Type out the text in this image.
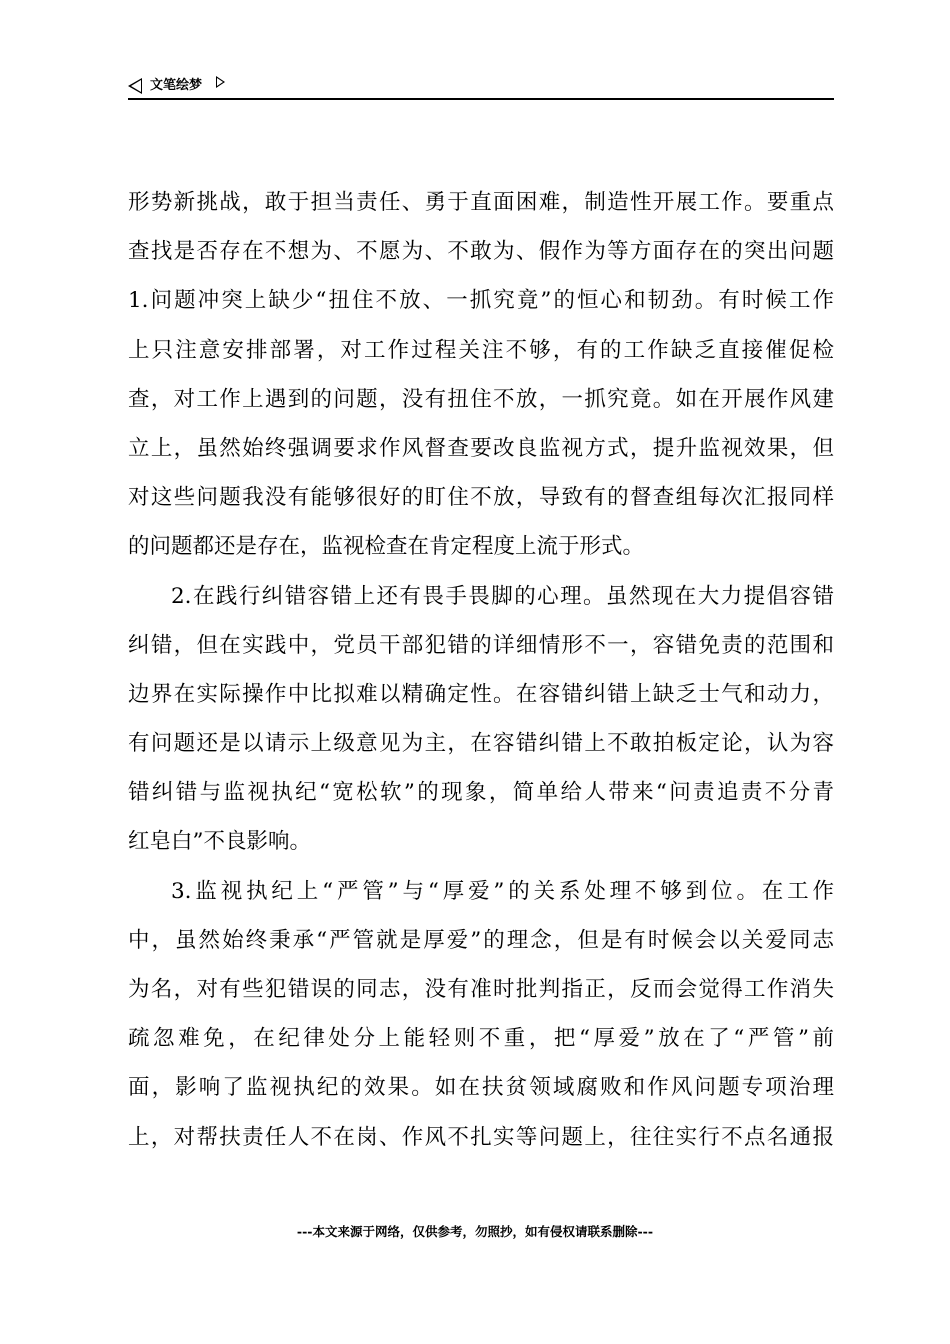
文笔绘梦
形势新挑战，敢于担当责任、勇于直面困难，制造性开展工作。要重点
查找是否存在不想为、不愿为、不敢为、假作为等方面存在的突出问题
1.问题冲突上缺少“扭住不放、一抓究竟”的恒心和韧劲。有时候工作
上只注意安排部署，对工作过程关注不够，有的工作缺乏直接催促检
查，对工作上遇到的问题，没有扭住不放，一抓究竟。如在开展作风建
立上，虽然始终强调要求作风督查要改良监视方式，提升监视效果，但
对这些问题我没有能够很好的盯住不放，导致有的督查组每次汇报同样
的问题都还是存在，监视检查在肯定程度上流于形式。
2.在践行纠错容错上还有畏手畏脚的心理。虽然现在大力提倡容错
纠错，但在实践中，党员干部犯错的详细情形不一，容错免责的范围和
边界在实际操作中比拟难以精确定性。在容错纠错上缺乏士气和动力，
有问题还是以请示上级意见为主，在容错纠错上不敢拍板定论，认为容
错纠错与监视执纪“宽松软”的现象，简单给人带来“问责追责不分青
红皂白”不良影响。
3.监视执纪上“严管”与“厚爱”的关系处理不够到位。在工作
中，虽然始终秉承“严管就是厚爱”的理念，但是有时候会以关爱同志
为名，对有些犯错误的同志，没有准时批判指正，反而会觉得工作消失
疏忽难免，在纪律处分上能轻则不重，把“厚爱”放在了“严管”前
面，影响了监视执纪的效果。如在扶贫领域腐败和作风问题专项治理
上，对帮扶责任人不在岗、作风不扎实等问题上，往往实行不点名通报
---本文来源于网络，仅供参考，勿照抄，如有侵权请联系删除---
